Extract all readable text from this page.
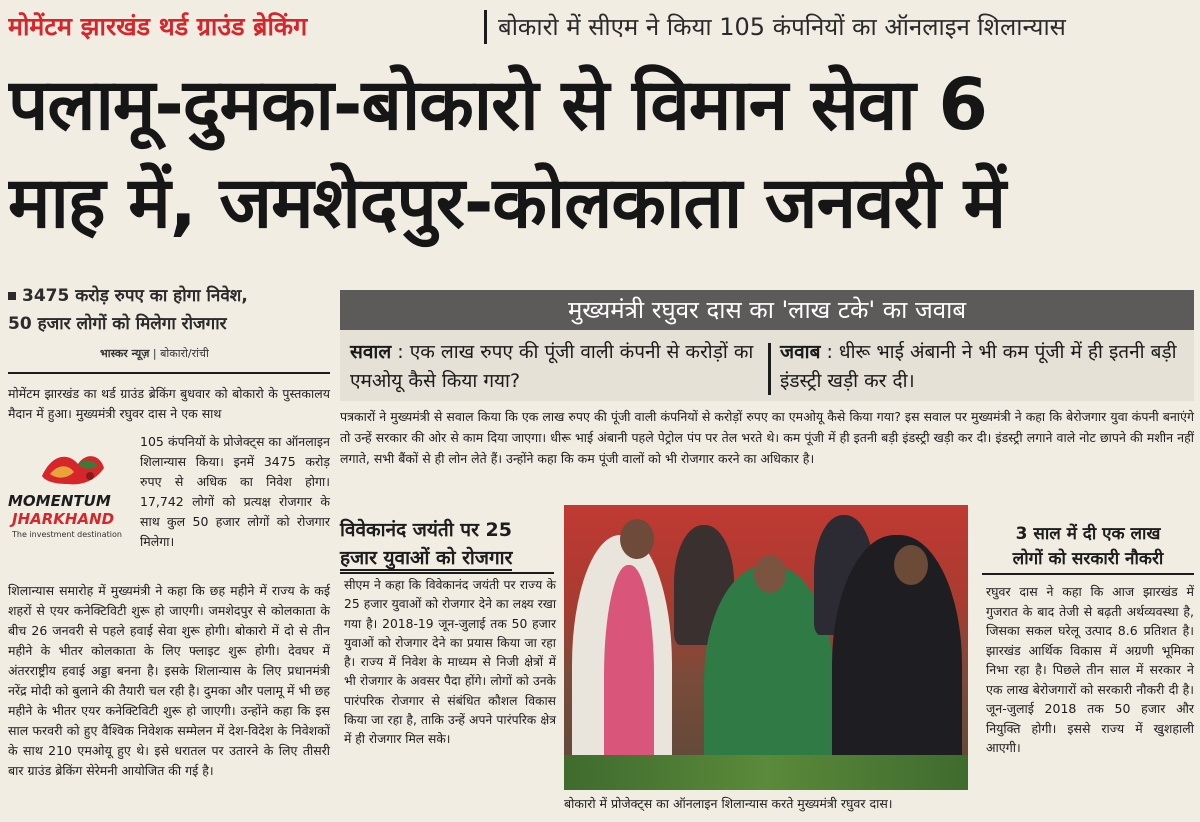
मोमेंटम झारखंड थर्ड ग्राउंड ब्रेकिंग	बोकारो में सीएम ने किया 105 कंपनियों का ऑनलाइन शिलान्यास
पलामू-दुमका-बोकारो से विमान सेवा 6
माह में, जमशेदपुर-कोलकाता जनवरी में
3475 करोड़ रुपए का होगा निवेश,
50 हजार लोगों को मिलेगा रोजगार
भास्कर न्यूज़ | बोकारो/रांची
मोमेंटम झारखंड का थर्ड ग्राउंड ब्रेकिंग बुधवार को बोकारो के पुस्तकालय मैदान में हुआ। मुख्यमंत्री रघुवर दास ने एक साथ
MOMENTUM
JHARKHAND
The investment destination
105 कंपनियों के प्रोजेक्ट्स का ऑनलाइन शिलान्यास किया। इनमें 3475 करोड़ रुपए से अधिक का निवेश होगा। 17,742 लोगों को प्रत्यक्ष रोजगार के साथ कुल 50 हजार लोगों को रोजगार मिलेगा।
शिलान्यास समारोह में मुख्यमंत्री ने कहा कि छह महीने में राज्य के कई शहरों से एयर कनेक्टिविटी शुरू हो जाएगी। जमशेदपुर से कोलकाता के बीच 26 जनवरी से पहले हवाई सेवा शुरू होगी। बोकारो में दो से तीन महीने के भीतर कोलकाता के लिए फ्लाइट शुरू होगी। देवघर में अंतरराष्ट्रीय हवाई अड्डा बनना है। इसके शिलान्यास के लिए प्रधानमंत्री नरेंद्र मोदी को बुलाने की तैयारी चल रही है। दुमका और पलामू में भी छह महीने के भीतर एयर कनेक्टिविटी शुरू हो जाएगी। उन्होंने कहा कि इस साल फरवरी को हुए वैश्विक निवेशक सम्मेलन में देश-विदेश के निवेशकों के साथ 210 एमओयू हुए थे। इसे धरातल पर उतारने के लिए तीसरी बार ग्राउंड ब्रेकिंग सेरेमनी आयोजित की गई है।
मुख्यमंत्री रघुवर दास का 'लाख टके' का जवाब
सवाल : एक लाख रुपए की पूंजी वाली कंपनी से करोड़ों का एमओयू कैसे किया गया?
जवाब : धीरू भाई अंबानी ने भी कम पूंजी में ही इतनी बड़ी इंडस्ट्री खड़ी कर दी।
पत्रकारों ने मुख्यमंत्री से सवाल किया कि एक लाख रुपए की पूंजी वाली कंपनियों से करोड़ों रुपए का एमओयू कैसे किया गया? इस सवाल पर मुख्यमंत्री ने कहा कि बेरोजगार युवा कंपनी बनाएंगे तो उन्हें सरकार की ओर से काम दिया जाएगा। धीरू भाई अंबानी पहले पेट्रोल पंप पर तेल भरते थे। कम पूंजी में ही इतनी बड़ी इंडस्ट्री खड़ी कर दी। इंडस्ट्री लगाने वाले नोट छापने की मशीन नहीं लगाते, सभी बैंकों से ही लोन लेते हैं। उन्होंने कहा कि कम पूंजी वालों को भी रोजगार करने का अधिकार है।
विवेकानंद जयंती पर 25
हजार युवाओं को रोजगार
सीएम ने कहा कि विवेकानंद जयंती पर राज्य के 25 हजार युवाओं को रोजगार देने का लक्ष्य रखा गया है। 2018-19 जून-जुलाई तक 50 हजार युवाओं को रोजगार देने का प्रयास किया जा रहा है। राज्य में निवेश के माध्यम से निजी क्षेत्रों में भी रोजगार के अवसर पैदा होंगे। लोगों को उनके पारंपरिक रोजगार से संबंधित कौशल विकास किया जा रहा है, ताकि उन्हें अपने पारंपरिक क्षेत्र में ही रोजगार मिल सके।
बोकारो में प्रोजेक्ट्स का ऑनलाइन शिलान्यास करते मुख्यमंत्री रघुवर दास।
3 साल में दी एक लाख
लोगों को सरकारी नौकरी
रघुवर दास ने कहा कि आज झारखंड में गुजरात के बाद तेजी से बढ़ती अर्थव्यवस्था है, जिसका सकल घरेलू उत्पाद 8.6 प्रतिशत है। झारखंड आर्थिक विकास में अग्रणी भूमिका निभा रहा है। पिछले तीन साल में सरकार ने एक लाख बेरोजगारों को सरकारी नौकरी दी है। जून-जुलाई 2018 तक 50 हजार और नियुक्ति होगी। इससे राज्य में खुशहाली आएगी।
